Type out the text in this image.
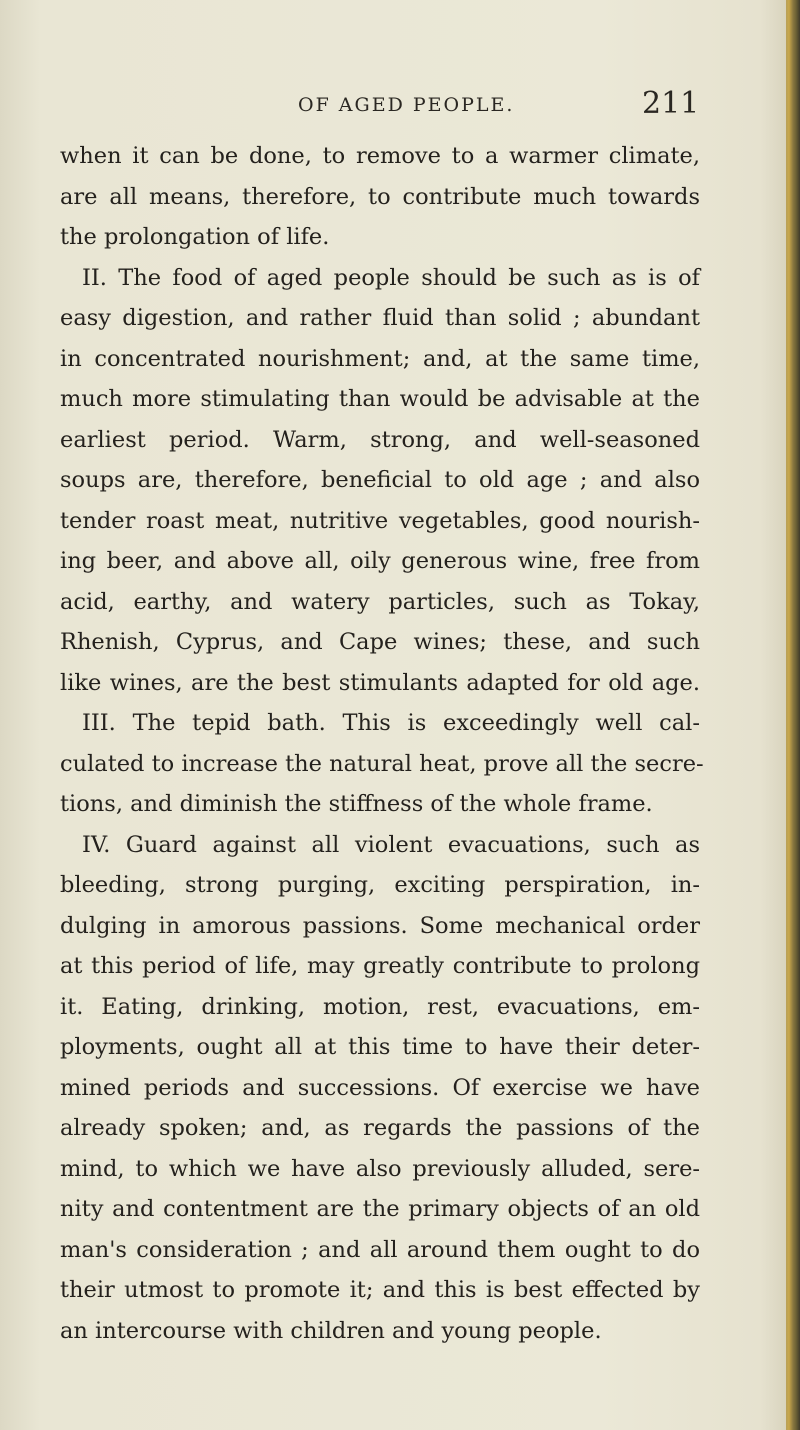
OF AGED PEOPLE.	211
when it can be done, to remove to a warmer climate,
are all means, therefore, to contribute much towards
the prolongation of life.
II. The food of aged people should be such as is of
easy digestion, and rather fluid than solid ; abundant
in concentrated nourishment; and, at the same time,
much more stimulating than would be advisable at the
earliest period. Warm, strong, and well-seasoned
soups are, therefore, beneficial to old age ; and also
tender roast meat, nutritive vegetables, good nourish-
ing beer, and above all, oily generous wine, free from
acid, earthy, and watery particles, such as Tokay,
Rhenish, Cyprus, and Cape wines; these, and such
like wines, are the best stimulants adapted for old age.
III. The tepid bath. This is exceedingly well cal-
culated to increase the natural heat, prove all the secre-
tions, and diminish the stiffness of the whole frame.
IV. Guard against all violent evacuations, such as
bleeding, strong purging, exciting perspiration, in-
dulging in amorous passions. Some mechanical order
at this period of life, may greatly contribute to prolong
it. Eating, drinking, motion, rest, evacuations, em-
ployments, ought all at this time to have their deter-
mined periods and successions. Of exercise we have
already spoken; and, as regards the passions of the
mind, to which we have also previously alluded, sere-
nity and contentment are the primary objects of an old
man's consideration ; and all around them ought to do
their utmost to promote it; and this is best effected by
an intercourse with children and young people.
